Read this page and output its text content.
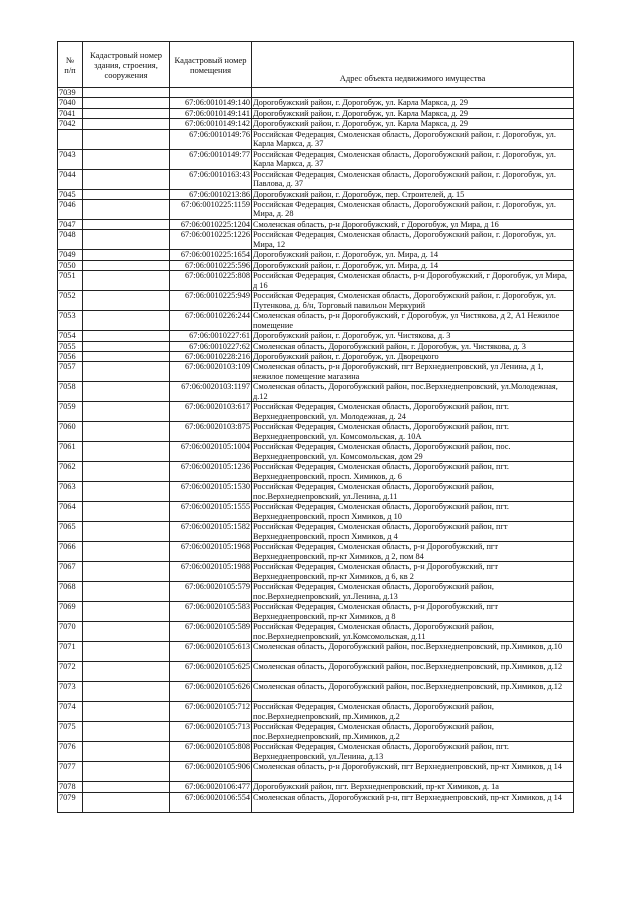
№
п/п	Кадастровый номер здания, строения, сооружения	Кадастровый номер помещения	Адрес объекта недвижимого имущества
7039			
7040		67:06:0010149:140	Дорогобужский район, г. Дорогобуж, ул. Карла Маркса, д. 29
7041		67:06:0010149:141	Дорогобужский район, г. Дорогобуж, ул. Карла Маркса, д. 29
7042		67:06:0010149:142	Дорогобужский район, г. Дорогобуж, ул. Карла Маркса, д. 29
		67:06:0010149:76	Российская Федерация, Смоленская область, Дорогобужский район, г. Дорогобуж, ул. Карла Маркса, д. 37
7043		67:06:0010149:77	Российская Федерация, Смоленская область, Дорогобужский район, г. Дорогобуж, ул. Карла Маркса, д. 37
7044		67:06:0010163:43	Российская Федерация, Смоленская область, Дорогобужский район, г. Дорогобуж, ул. Павлова, д. 37
7045		67:06:0010213:86	Дорогобужский район, г. Дорогобуж, пер. Строителей, д. 15
7046		67:06:0010225:1159	Российская Федерация, Смоленская область, Дорогобужский район, г. Дорогобуж, ул. Мира, д. 28
7047		67:06:0010225:1204	Смоленская область, р-н Дорогобужский, г Дорогобуж, ул Мира, д 16
7048		67:06:0010225:1226	Российская Федерация, Смоленская область, Дорогобужский район, г. Дорогобуж, ул. Мира, 12
7049		67:06:0010225:1654	Дорогобужский район, г. Дорогобуж, ул. Мира, д. 14
7050		67:06:0010225:596	Дорогобужский район, г. Дорогобуж, ул. Мира, д. 14
7051		67:06:0010225:808	Российская Федерация, Смоленская область, р-н Дорогобужский, г Дорогобуж, ул Мира, д 16
7052		67:06:0010225:949	Российская Федерация, Смоленская область, Дорогобужский район, г. Дорогобуж, ул. Путенкова, д. б/н, Торговый павильон Меркурий
7053		67:06:0010226:244	Смоленская область, р-н Дорогобужский, г Дорогобуж, ул Чистякова, д 2, А1 Нежилое помещение
7054		67:06:0010227:61	Дорогобужский район, г. Дорогобуж, ул. Чистякова, д. 3
7055		67:06:0010227:62	Смоленская область, Дорогобужский район, г. Дорогобуж, ул. Чистякова, д. 3
7056		67:06:0010228:216	Дорогобужский район, г. Дорогобуж, ул. Дворецкого
7057		67:06:0020103:109	Смоленская область, р-н Дорогобужский, пгт Верхнеднепровский, ул Ленина, д 1, нежилое помещение магазина
7058		67:06:0020103:1197	Смоленская область, Дорогобужский район, пос.Верхнеднепровский, ул.Молодежная, д.12
7059		67:06:0020103:617	Российская Федерация, Смоленская область, Дорогобужский район, пгт. Верхнеднепровский, ул. Молодежная, д. 24
7060		67:06:0020103:875	Российская Федерация, Смоленская область, Дорогобужский район, пгт. Верхнеднепровский, ул. Комсомольская, д. 10А
7061		67:06:0020105:1004	Российская Федерация, Смоленская область, Дорогобужский район, пос. Верхнеднепровский, ул. Комсомольская, дом 29
7062		67:06:0020105:1236	Российская Федерация, Смоленская область, Дорогобужский район, пгт. Верхнеднепровский, просп. Химиков, д. 6
7063		67:06:0020105:1530	Российская Федерация, Смоленская область, Дорогобужский район, пос.Верхнеднепровский, ул.Ленина, д.11
7064		67:06:0020105:1555	Российская Федерация, Смоленская область, Дорогобужский район, пгт. Верхнеднепровский, просп Химиков, д 10
7065		67:06:0020105:1582	Российская Федерация, Смоленская область, Дорогобужский район, пгт Верхнеднепровский, просп Химиков, д 4
7066		67:06:0020105:1968	Российская Федерация, Смоленская область, р-н Дорогобужский, пгт Верхнеднепровский, пр-кт Химиков, д 2, пом 84
7067		67:06:0020105:1988	Российская Федерация, Смоленская область, р-н Дорогобужский, пгт Верхнеднепровский, пр-кт Химиков, д 6, кв 2
7068		67:06:0020105:579	Российская Федерация, Смоленская область, Дорогобужский район, пос.Верхнеднепровский, ул.Ленина, д.13
7069		67:06:0020105:583	Российская Федерация, Смоленская область, р-н Дорогобужский, пгт Верхнеднепровский, пр-кт Химиков, д 8
7070		67:06:0020105:589	Российская Федерация, Смоленская область, Дорогобужский район, пос.Верхнеднепровский, ул.Комсомольская, д.11
7071		67:06:0020105:613	Смоленская область, Дорогобужский район, пос.Верхнеднепровский, пр.Химиков, д.10
7072		67:06:0020105:625	Смоленская область, Дорогобужский район, пос.Верхнеднепровский, пр.Химиков, д.12
7073		67:06:0020105:626	Смоленская область, Дорогобужский район, пос.Верхнеднепровский, пр.Химиков, д.12
7074		67:06:0020105:712	Российская Федерация, Смоленская область, Дорогобужский район, пос.Верхнеднепровский, пр.Химиков, д.2
7075		67:06:0020105:713	Российская Федерация, Смоленская область, Дорогобужский район, пос.Верхнеднепровский, пр.Химиков, д.2
7076		67:06:0020105:808	Российская Федерация, Смоленская область, Дорогобужский район, пгт. Верхнеднепровский, ул.Ленина, д.13
7077		67:06:0020105:906	Смоленская область, р-н Дорогобужский, пгт Верхнеднепровский, пр-кт Химиков, д 14
7078		67:06:0020106:477	Дорогобужский район, пгт. Верхнеднепровский, пр-кт Химиков, д. 1а
7079		67:06:0020106:554	Смоленская область, Дорогобужский р-н, пгт Верхнеднепровский, пр-кт Химиков, д 14
